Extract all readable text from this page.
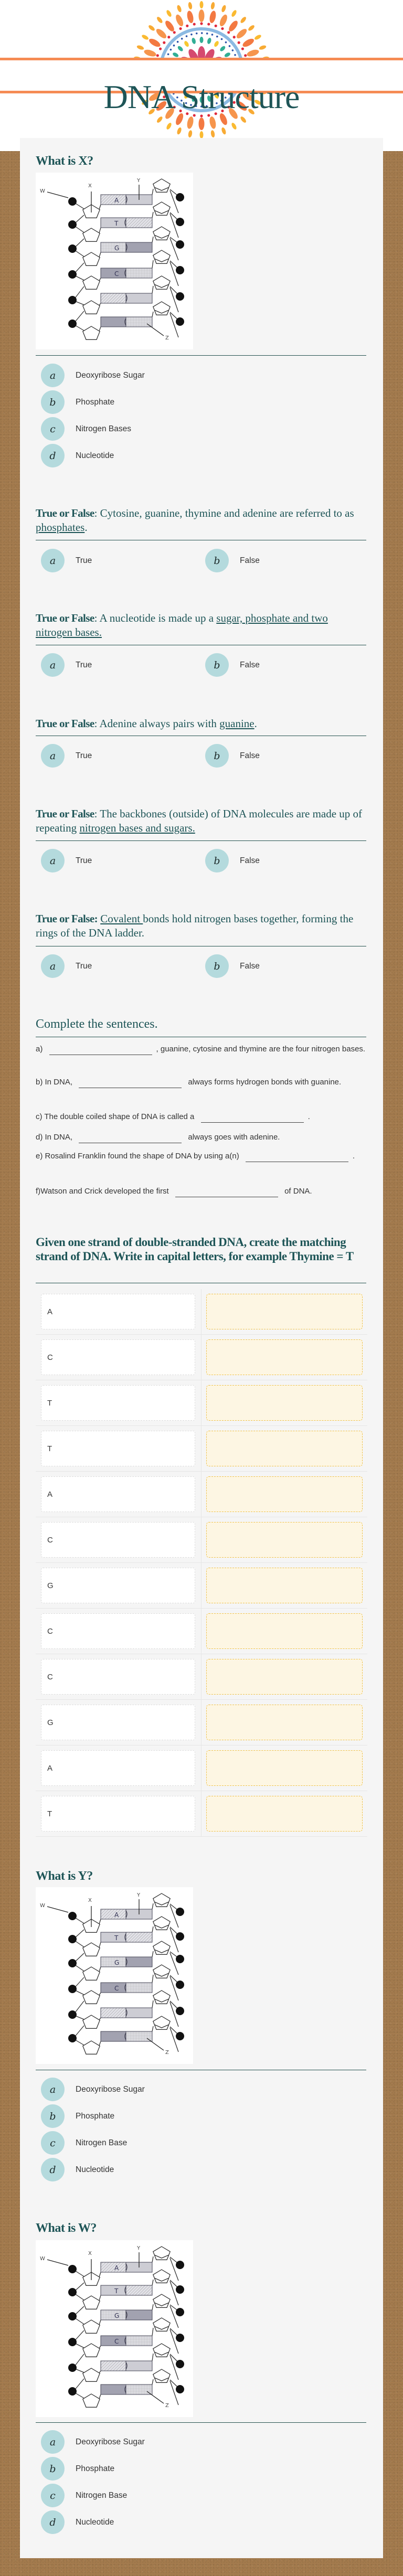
DNA Structure
What is X?
A
T
G
C
W
X
Y
Z
a	Deoxyribose Sugar
b	Phosphate
c	Nitrogen Bases
d	Nucleotide
True or False: Cytosine, guanine, thymine and adenine are referred to as phosphates.
a	True	b	False
True or False: A nucleotide is made up a sugar, phosphate and two nitrogen bases.
a	True	b	False
True or False: Adenine always pairs with guanine.
a	True	b	False
True or False: The backbones (outside) of DNA molecules are made up of repeating nitrogen bases and sugars.
a	True	b	False
True or False: Covalent bonds hold nitrogen bases together, forming the rings of the DNA ladder.
a	True	b	False
Complete the sentences.
a)	, guanine, cytosine and thymine are the four nitrogen bases.
b) In DNA,	always forms hydrogen bonds with guanine.
c) The double coiled shape of DNA is called a	.
d) In DNA,	always goes with adenine.
e) Rosalind Franklin found the shape of DNA by using a(n)	.
f)Watson and Crick developed the first	of DNA.
Given one strand of double-stranded DNA, create the matching strand of DNA. Write in capital letters, for example Thymine = T
A
C
T
T
A
C
G
C
C
G
A
T
What is Y?
A
T
G
C
W
X
Y
Z
a	Deoxyribose Sugar
b	Phosphate
c	Nitrogen Base
d	Nucleotide
What is W?
A
T
G
C
W
X
Y
Z
a	Deoxyribose Sugar
b	Phosphate
c	Nitrogen Base
d	Nucleotide
